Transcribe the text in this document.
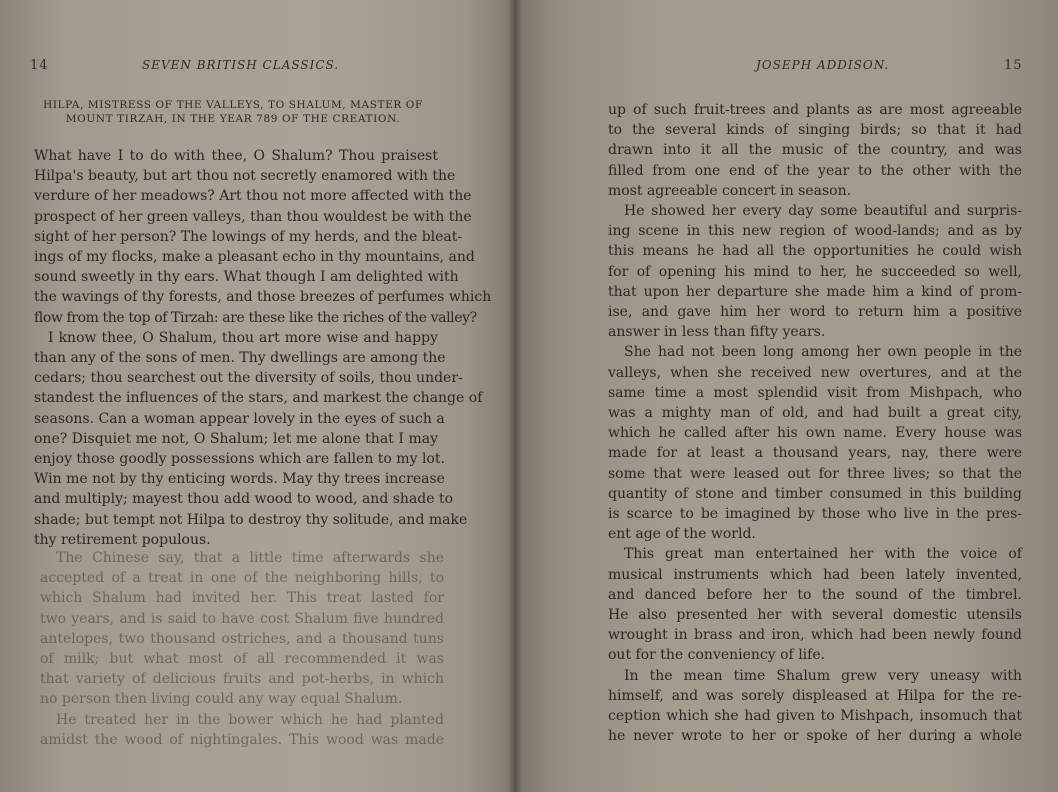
14	SEVEN BRITISH CLASSICS.
HILPA, MISTRESS OF THE VALLEYS, TO SHALUM, MASTER OF
MOUNT TIRZAH, IN THE YEAR 789 OF THE CREATION.
What have I to do with thee, O Shalum? Thou praisest
Hilpa's beauty, but art thou not secretly enamored with the
verdure of her meadows? Art thou not more affected with the
prospect of her green valleys, than thou wouldest be with the
sight of her person? The lowings of my herds, and the bleat-
ings of my flocks, make a pleasant echo in thy mountains, and
sound sweetly in thy ears. What though I am delighted with
the wavings of thy forests, and those breezes of perfumes which
flow from the top of Tirzah: are these like the riches of the valley?
I know thee, O Shalum, thou art more wise and happy
than any of the sons of men. Thy dwellings are among the
cedars; thou searchest out the diversity of soils, thou under-
standest the influences of the stars, and markest the change of
seasons. Can a woman appear lovely in the eyes of such a
one? Disquiet me not, O Shalum; let me alone that I may
enjoy those goodly possessions which are fallen to my lot.
Win me not by thy enticing words. May thy trees increase
and multiply; mayest thou add wood to wood, and shade to
shade; but tempt not Hilpa to destroy thy solitude, and make
thy retirement populous.
The Chinese say, that a little time afterwards she
accepted of a treat in one of the neighboring hills, to
which Shalum had invited her. This treat lasted for
two years, and is said to have cost Shalum five hundred
antelopes, two thousand ostriches, and a thousand tuns
of milk; but what most of all recommended it was
that variety of delicious fruits and pot-herbs, in which
no person then living could any way equal Shalum.
He treated her in the bower which he had planted
amidst the wood of nightingales. This wood was made
JOSEPH ADDISON.	15
up of such fruit-trees and plants as are most agreeable
to the several kinds of singing birds; so that it had
drawn into it all the music of the country, and was
filled from one end of the year to the other with the
most agreeable concert in season.
He showed her every day some beautiful and surpris-
ing scene in this new region of wood-lands; and as by
this means he had all the opportunities he could wish
for of opening his mind to her, he succeeded so well,
that upon her departure she made him a kind of prom-
ise, and gave him her word to return him a positive
answer in less than fifty years.
She had not been long among her own people in the
valleys, when she received new overtures, and at the
same time a most splendid visit from Mishpach, who
was a mighty man of old, and had built a great city,
which he called after his own name. Every house was
made for at least a thousand years, nay, there were
some that were leased out for three lives; so that the
quantity of stone and timber consumed in this building
is scarce to be imagined by those who live in the pres-
ent age of the world.
This great man entertained her with the voice of
musical instruments which had been lately invented,
and danced before her to the sound of the timbrel.
He also presented her with several domestic utensils
wrought in brass and iron, which had been newly found
out for the conveniency of life.
In the mean time Shalum grew very uneasy with
himself, and was sorely displeased at Hilpa for the re-
ception which she had given to Mishpach, insomuch that
he never wrote to her or spoke of her during a whole
